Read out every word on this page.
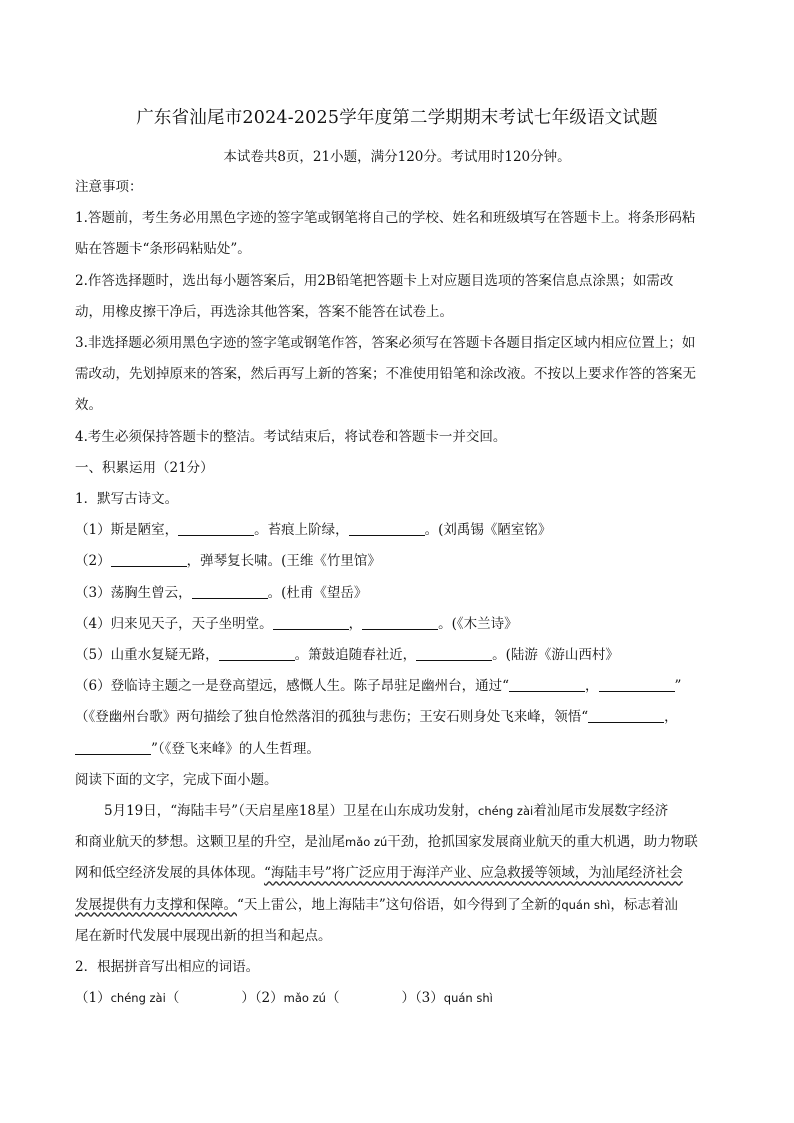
广东省汕尾市2024-2025学年度第二学期期末考试七年级语文试题
本试卷共8页，21小题，满分120分。考试用时120分钟。
注意事项：
1.答题前，考生务必用黑色字迹的签字笔或钢笔将自己的学校、姓名和班级填写在答题卡上。将条形码粘
贴在答题卡“条形码粘贴处”。
2.作答选择题时，选出每小题答案后，用2B铅笔把答题卡上对应题目选项的答案信息点涂黑；如需改
动，用橡皮擦干净后，再选涂其他答案，答案不能答在试卷上。
3.非选择题必须用黑色字迹的签字笔或钢笔作答，答案必须写在答题卡各题目指定区域内相应位置上；如
需改动，先划掉原来的答案，然后再写上新的答案；不准使用铅笔和涂改液。不按以上要求作答的答案无
效。
4.考生必须保持答题卡的整洁。考试结束后，将试卷和答题卡一并交回。
一、积累运用（21分）
1．默写古诗文。
（1）斯是陋室，	。苔痕上阶绿，	。(刘禹锡《陋室铭》
（2）	，弹琴复长啸。(王维《竹里馆》
（3）荡胸生曾云，	。(杜甫《望岳》
（4）归来见天子，天子坐明堂。	，	。(《木兰诗》
（5）山重水复疑无路，	。箫鼓追随春社近，	。(陆游《游山西村》
（6）登临诗主题之一是登高望远，感慨人生。陈子昂驻足幽州台，通过“	，	”
（《登幽州台歌》两句描绘了独自怆然落泪的孤独与悲伤；王安石则身处飞来峰，领悟“	，
”（《登飞来峰》的人生哲理。
阅读下面的文字，完成下面小题。
5月19日，“海陆丰号”（天启星座18星）卫星在山东成功发射，chéng zài着汕尾市发展数字经济
和商业航天的梦想。这颗卫星的升空，是汕尾mǎo zú干劲，抢抓国家发展商业航天的重大机遇，助力物联
网和低空经济发展的具体体现。“海陆丰号”将广泛应用于海洋产业、应急救援等领域，为汕尾经济社会
发展提供有力支撑和保障。“天上雷公，地上海陆丰”这句俗语，如今得到了全新的quán shì，标志着汕
尾在新时代发展中展现出新的担当和起点。
2．根据拼音写出相应的词语。
（1）chéng zài（	）（2）mǎo zú（	）（3）quán shì
